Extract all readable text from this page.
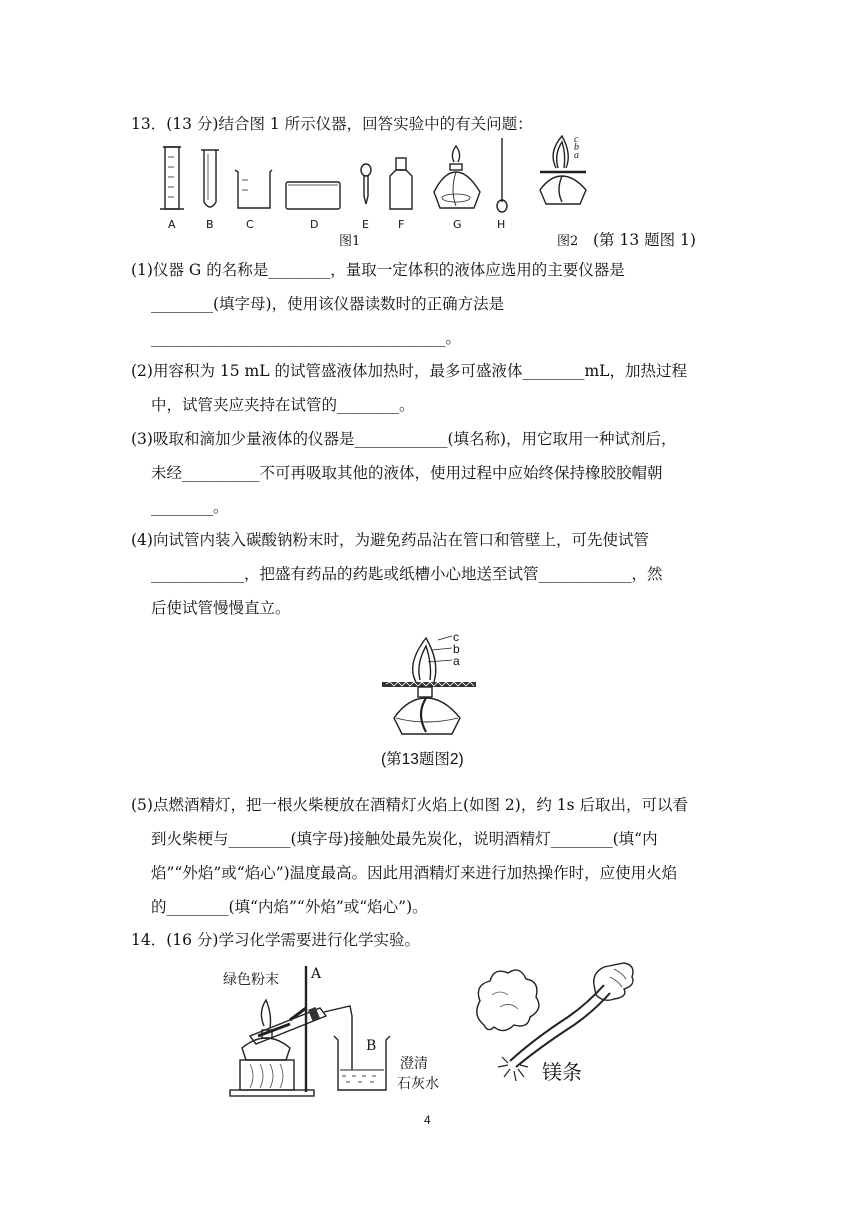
13．(13 分)结合图 1 所示仪器，回答实验中的有关问题：
c
b
a
A	B	C	D	E	F	G	H
图1	图2 (第 13 题图 1)
(1)仪器 G 的名称是________，量取一定体积的液体应选用的主要仪器是
________(填字母)，使用该仪器读数时的正确方法是
______________________________________。
(2)用容积为 15 mL 的试管盛液体加热时，最多可盛液体________mL，加热过程
中，试管夹应夹持在试管的________。
(3)吸取和滴加少量液体的仪器是____________(填名称)，用它取用一种试剂后，
未经__________不可再吸取其他的液体，使用过程中应始终保持橡胶胶帽朝
________。
(4)向试管内装入碳酸钠粉末时，为避免药品沾在管口和管壁上，可先使试管
____________，把盛有药品的药匙或纸槽小心地送至试管____________，然
后使试管慢慢直立。
c
b
a
(第13题图2)
(5)点燃酒精灯，把一根火柴梗放在酒精灯火焰上(如图 2)，约 1s 后取出，可以看
到火柴梗与________(填字母)接触处最先炭化，说明酒精灯________(填“内
焰”“外焰”或“焰心”)温度最高。因此用酒精灯来进行加热操作时，应使用火焰
的________(填“内焰”“外焰”或“焰心”)。
14．(16 分)学习化学需要进行化学实验。
绿色粉末 A
B
澄清
石灰水	镁条
4
